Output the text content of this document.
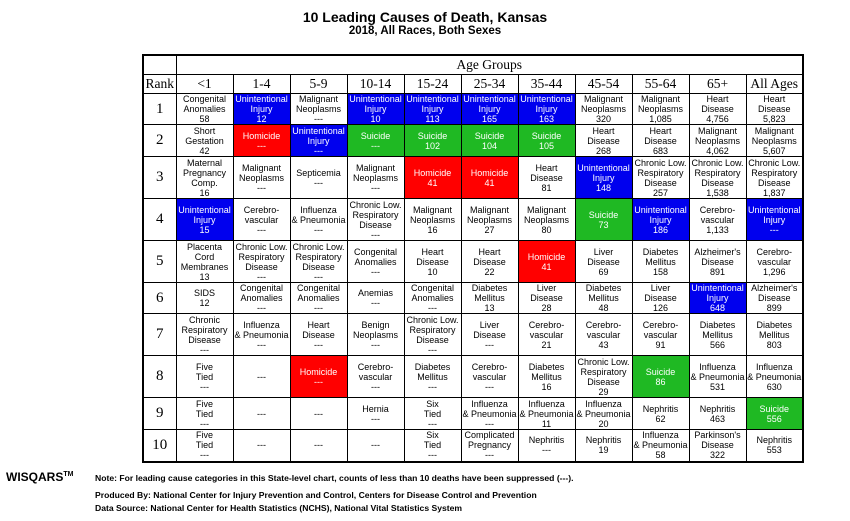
10 Leading Causes of Death, Kansas
2018, All Races, Both Sexes
	Age Groups										
Rank	<1	1-4	5-9	10-14	15-24	25-34	35-44	45-54	55-64	65+	All Ages
1	Congenital
Anomalies
58	Unintentional
Injury
12	Malignant
Neoplasms
---	Unintentional
Injury
10	Unintentional
Injury
113	Unintentional
Injury
165	Unintentional
Injury
163	Malignant
Neoplasms
320	Malignant
Neoplasms
1,085	Heart
Disease
4,756	Heart
Disease
5,823

2	Short
Gestation
42	Homicide
---	Unintentional
Injury
---	Suicide
---	Suicide
102	Suicide
104	Suicide
105	Heart
Disease
268	Heart
Disease
683	Malignant
Neoplasms
4,062	Malignant
Neoplasms
5,607

3	Maternal
Pregnancy
Comp.
16	Malignant
Neoplasms
---	Septicemia
---	Malignant
Neoplasms
---	Homicide
41	Homicide
41	Heart
Disease
81	Unintentional
Injury
148	Chronic Low.
Respiratory
Disease
257	Chronic Low.
Respiratory
Disease
1,538	Chronic Low.
Respiratory
Disease
1,837

4	Unintentional
Injury
15	Cerebro-
vascular
---	Influenza
& Pneumonia
---	Chronic Low.
Respiratory
Disease
---	Malignant
Neoplasms
16	Malignant
Neoplasms
27	Malignant
Neoplasms
80	Suicide
73	Unintentional
Injury
186	Cerebro-
vascular
1,133	Unintentional
Injury
---

5	Placenta
Cord
Membranes
13	Chronic Low.
Respiratory
Disease
---	Chronic Low.
Respiratory
Disease
---	Congenital
Anomalies
---	Heart
Disease
10	Heart
Disease
22	Homicide
41	Liver
Disease
69	Diabetes
Mellitus
158	Alzheimer's
Disease
891	Cerebro-
vascular
1,296

6	SIDS
12	Congenital
Anomalies
---	Congenital
Anomalies
---	Anemias
---	Congenital
Anomalies
---	Diabetes
Mellitus
13	Liver
Disease
28	Diabetes
Mellitus
48	Liver
Disease
126	Unintentional
Injury
648	Alzheimer's
Disease
899

7	Chronic
Respiratory
Disease
---	Influenza
& Pneumonia
---	Heart
Disease
---	Benign
Neoplasms
---	Chronic Low.
Respiratory
Disease
---	Liver
Disease
---	Cerebro-
vascular
21	Cerebro-
vascular
43	Cerebro-
vascular
91	Diabetes
Mellitus
566	Diabetes
Mellitus
803

8	Five
Tied
---	---	Homicide
---	Cerebro-
vascular
---	Diabetes
Mellitus
---	Cerebro-
vascular
---	Diabetes
Mellitus
16	Chronic Low.
Respiratory
Disease
29	Suicide
86	Influenza
& Pneumonia
531	Influenza
& Pneumonia
630

9	Five
Tied
---	---	---	Hernia
---	Six
Tied
---	Influenza
& Pneumonia
---	Influenza
& Pneumonia
11	Influenza
& Pneumonia
20	Nephritis
62	Nephritis
463	Suicide
556

10	Five
Tied
---	---	---	---	Six
Tied
---	Complicated
Pregnancy
---	Nephritis
---	Nephritis
19	Influenza
& Pneumonia
58	Parkinson's
Disease
322	Nephritis
553
WISQARS™	Note: For leading cause categories in this State-level chart, counts of less than 10 deaths have been suppressed (---).
Produced By: National Center for Injury Prevention and Control, Centers for Disease Control and Prevention
Data Source: National Center for Health Statistics (NCHS), National Vital Statistics System
